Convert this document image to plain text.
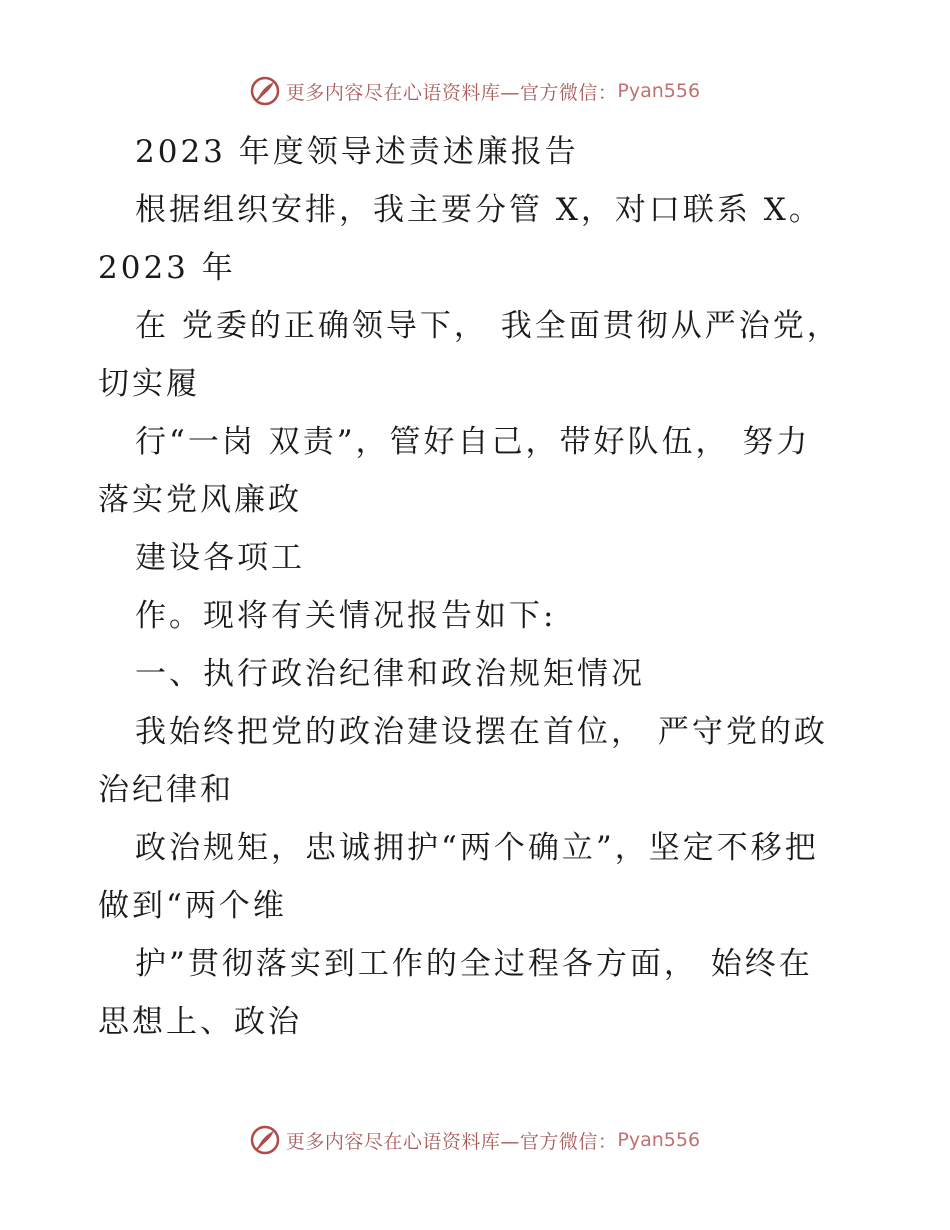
更多内容尽在心语资料库—官方微信： Pyan556
2023 年度领导述责述廉报告
根据组织安排，我主要分管 X，对口联系 X。
2023 年
在 党委的正确领导下， 我全面贯彻从严治党，
切实履
行“一岗 双责”，管好自己，带好队伍， 努力
落实党风廉政
建设各项工
作。现将有关情况报告如下:
一、执行政治纪律和政治规矩情况
我始终把党的政治建设摆在首位， 严守党的政
治纪律和
政治规矩，忠诚拥护“两个确立”，坚定不移把
做到“两个维
护”贯彻落实到工作的全过程各方面， 始终在
思想上、政治
更多内容尽在心语资料库—官方微信： Pyan556
